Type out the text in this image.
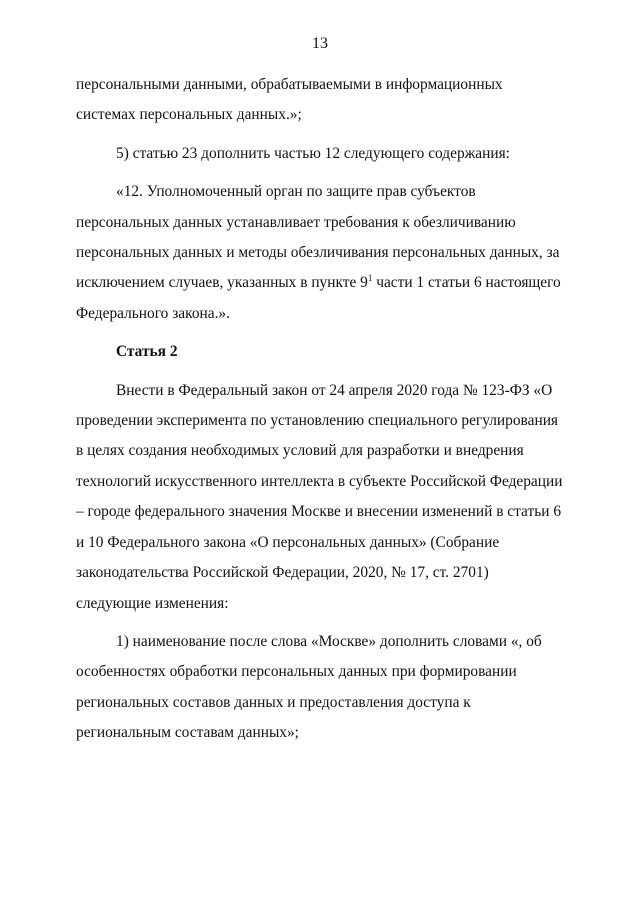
13

персональными данными, обрабатываемыми в информационных системах персональных данных.»;

5) статью 23 дополнить частью 12 следующего содержания:

«12. Уполномоченный орган по защите прав субъектов персональных данных устанавливает требования к обезличиванию персональных данных и методы обезличивания персональных данных, за исключением случаев, указанных в пункте $9^1$ части 1 статьи 6 настоящего Федерального закона.».

Статья 2

Внести в Федеральный закон от 24 апреля 2020 года № 123-ФЗ «О проведении эксперимента по установлению специального регулирования в целях создания необходимых условий для разработки и внедрения технологий искусственного интеллекта в субъекте Российской Федерации – городе федерального значения Москве и внесении изменений в статьи 6 и 10 Федерального закона «О персональных данных» (Собрание законодательства Российской Федерации, 2020, № 17, ст. 2701) следующие изменения:

1) наименование после слова «Москве» дополнить словами «, об особенностях обработки персональных данных при формировании региональных составов данных и предоставления доступа к региональным составам данных»;
